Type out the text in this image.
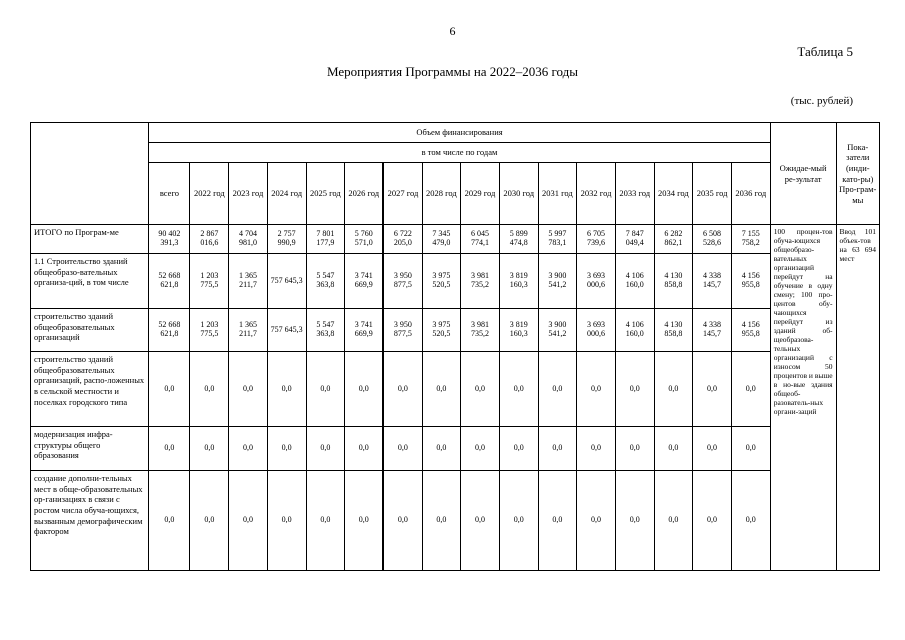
6
Таблица 5
Мероприятия Программы на 2022–2036 годы
(тыс. рублей)
	Объем финансирования																Ожидае-мый ре-зультат	Пока-затели (инди-като-ры) Про-грам-мы
	в том числе по годам																	
	всего	2022 год	2023 год	2024 год	2025 год	2026 год	2027 год	2028 год	2029 год	2030 год	2031 год	2032 год	2033 год	2034 год	2035 год	2036 год		
ИТОГО по Програм-ме	90 402 391,3	2 867 016,6	4 704 981,0	2 757 990,9	7 801 177,9	5 760 571,0	6 722 205,0	7 345 479,0	6 045 774,1	5 899 474,8	5 997 783,1	6 705 739,6	7 847 049,4	6 282 862,1	6 508 528,6	7 155 758,2	100 процен-тов обуча-ющихся общеобразо-вательных организаций перейдут на обучение в одну смену; 100 про-центов обу-чающихся перейдут из зданий об-щеобразова-тельных организаций с износом 50 процентов и выше в но-вые здания общеоб-разователь-ных органи-заций	Ввод 101 объек-тов на 63 694 мест
1.1 Строительство зданий общеобразо-вательных организа-ций, в том числе	52 668 621,8	1 203 775,5	1 365 211,7	757 645,3	5 547 363,8	3 741 669,9	3 950 877,5	3 975 520,5	3 981 735,2	3 819 160,3	3 900 541,2	3 693 000,6	4 106 160,0	4 130 858,8	4 338 145,7	4 156 955,8		
строительство зданий общеобразовательных организаций	52 668 621,8	1 203 775,5	1 365 211,7	757 645,3	5 547 363,8	3 741 669,9	3 950 877,5	3 975 520,5	3 981 735,2	3 819 160,3	3 900 541,2	3 693 000,6	4 106 160,0	4 130 858,8	4 338 145,7	4 156 955,8		
строительство зданий общеобразовательных организаций, распо-ложенных в сельской местности и поселках городского типа	0,0	0,0	0,0	0,0	0,0	0,0	0,0	0,0	0,0	0,0	0,0	0,0	0,0	0,0	0,0	0,0		
модернизация инфра-структуры общего образования	0,0	0,0	0,0	0,0	0,0	0,0	0,0	0,0	0,0	0,0	0,0	0,0	0,0	0,0	0,0	0,0		
создание дополни-тельных мест в обще-образовательных ор-ганизациях в связи с ростом числа обуча-ющихся, вызванным демографическим фактором	0,0	0,0	0,0	0,0	0,0	0,0	0,0	0,0	0,0	0,0	0,0	0,0	0,0	0,0	0,0	0,0		
